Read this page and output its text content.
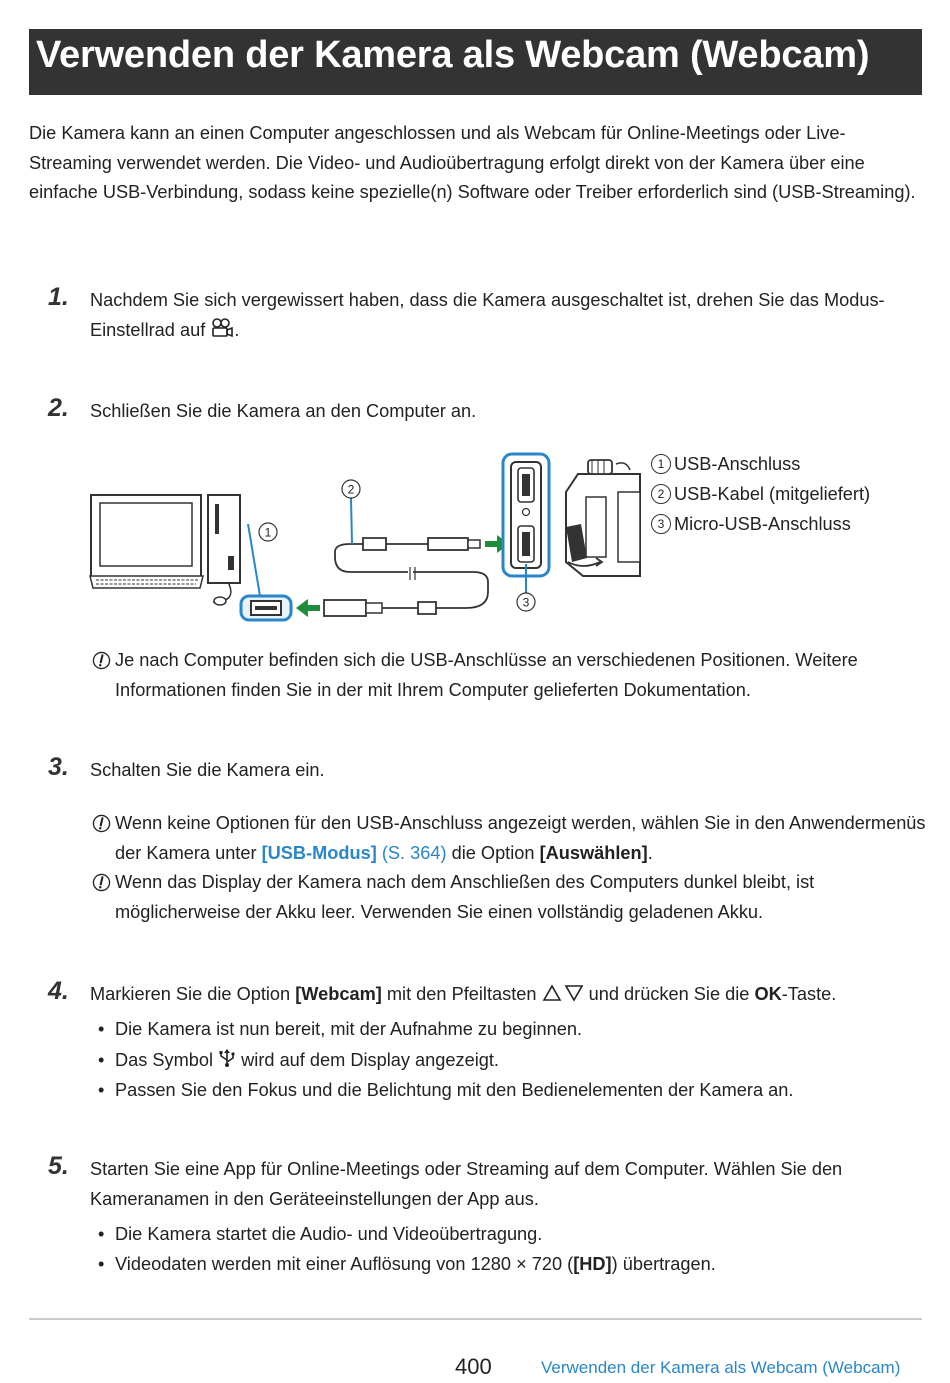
Verwenden der Kamera als Webcam (Webcam)
Die Kamera kann an einen Computer angeschlossen und als Webcam für Online-Meetings oder Live-Streaming verwendet werden. Die Video- und Audioübertragung erfolgt direkt von der Kamera über eine einfache USB-Verbindung, sodass keine spezielle(n) Software oder Treiber erforderlich sind (USB-Streaming).
1. Nachdem Sie sich vergewissert haben, dass die Kamera ausgeschaltet ist, drehen Sie das Modus-Einstellrad auf .
2. Schließen Sie die Kamera an den Computer an.
1
2
3
1 USB-Anschluss
2 USB-Kabel (mitgeliefert)
3 Micro-USB-Anschluss
Je nach Computer befinden sich die USB-Anschlüsse an verschiedenen Positionen. Weitere Informationen finden Sie in der mit Ihrem Computer gelieferten Dokumentation.
3. Schalten Sie die Kamera ein.
Wenn keine Optionen für den USB-Anschluss angezeigt werden, wählen Sie in den Anwendermenüs der Kamera unter [USB-Modus] (S. 364) die Option [Auswählen].
Wenn das Display der Kamera nach dem Anschließen des Computers dunkel bleibt, ist möglicherweise der Akku leer. Verwenden Sie einen vollständig geladenen Akku.
4. Markieren Sie die Option [Webcam] mit den Pfeiltasten	und drücken Sie die OK-Taste.
• Die Kamera ist nun bereit, mit der Aufnahme zu beginnen.
• Das Symbol wird auf dem Display angezeigt.
• Passen Sie den Fokus und die Belichtung mit den Bedienelementen der Kamera an.
5. Starten Sie eine App für Online-Meetings oder Streaming auf dem Computer. Wählen Sie den Kameranamen in den Geräteeinstellungen der App aus.
• Die Kamera startet die Audio- und Videoübertragung.
• Videodaten werden mit einer Auflösung von 1280 × 720 ([HD]) übertragen.
400	Verwenden der Kamera als Webcam (Webcam)
